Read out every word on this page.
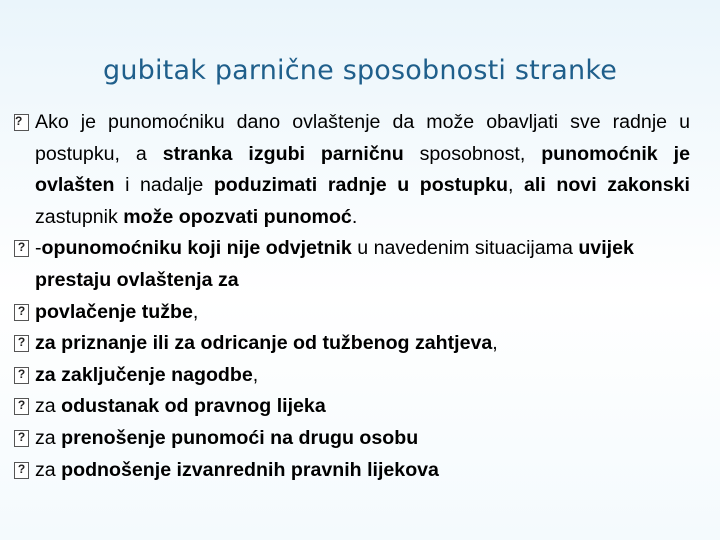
gubitak parnične sposobnosti stranke

?
Ako je punomoćniku dano ovlaštenje da može obavljati sve radnje u postupku, a stranka izgubi parničnu sposobnost, punomoćnik je ovlašten i nadalje poduzimati radnje u postupku, ali novi zakonski zastupnik može opozvati punomoć.

?
-opunomoćniku koji nije odvjetnik u navedenim situacijama uvijek prestaju ovlaštenja za

?
povlačenje tužbe,

?
za priznanje ili za odricanje od tužbenog zahtjeva,

?
za zaključenje nagodbe,

?
za odustanak od pravnog lijeka

?
za prenošenje punomoći na drugu osobu

?
za podnošenje izvanrednih pravnih lijekova
